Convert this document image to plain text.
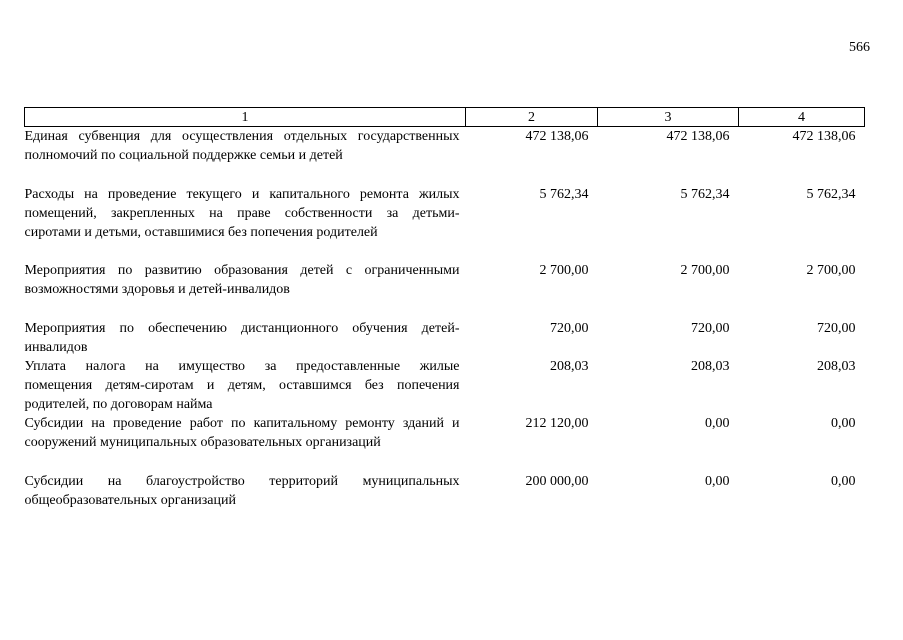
566
1	2	3	4

Единая субвенция для осуществления отдельных государственных
полномочий по социальной поддержке семьи и детей	472 138,06	472 138,06	472 138,06

Расходы на проведение текущего и капитального ремонта жилых
помещений, закрепленных на праве собственности за детьми-
сиротами и детьми, оставшимися без попечения родителей	5 762,34	5 762,34	5 762,34

Мероприятия по развитию образования детей с ограниченными
возможностями здоровья и детей-инвалидов	2 700,00	2 700,00	2 700,00

Мероприятия по обеспечению дистанционного обучения детей-
инвалидов	720,00	720,00	720,00

Уплата налога на имущество за предоставленные жилые
помещения детям-сиротам и детям, оставшимся без попечения
родителей, по договорам найма	208,03	208,03	208,03

Субсидии на проведение работ по капитальному ремонту зданий и
сооружений муниципальных образовательных организаций	212 120,00	0,00	0,00

Субсидии на благоустройство территорий муниципальных
общеобразовательных организаций	200 000,00	0,00	0,00
